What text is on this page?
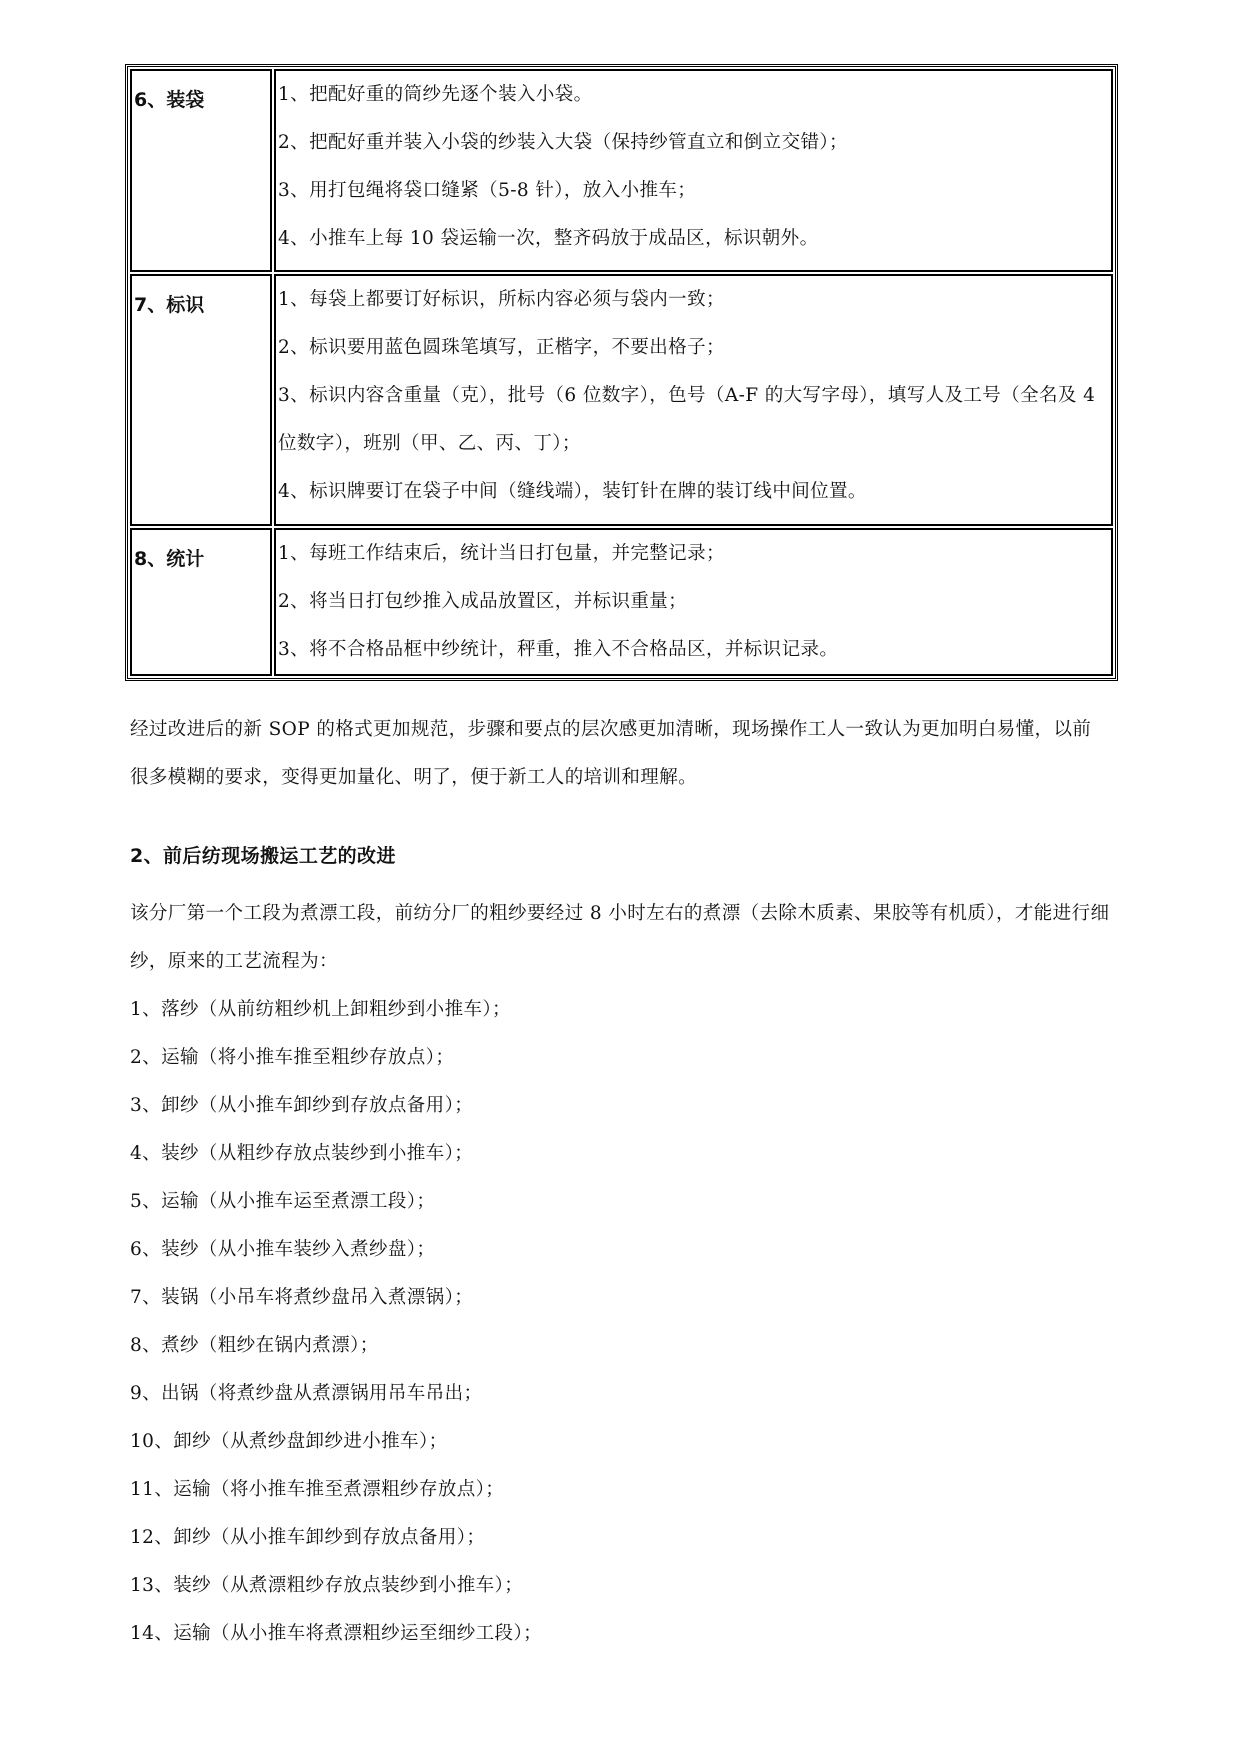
6、装袋	1、把配好重的筒纱先逐个装入小袋。
2、把配好重并装入小袋的纱装入大袋（保持纱管直立和倒立交错）；
3、用打包绳将袋口缝紧（5-8 针），放入小推车；
4、小推车上每 10 袋运输一次，整齐码放于成品区，标识朝外。

7、标识	1、每袋上都要订好标识，所标内容必须与袋内一致；
2、标识要用蓝色圆珠笔填写，正楷字，不要出格子；
3、标识内容含重量（克），批号（6 位数字），色号（A-F 的大写字母），填写人及工号（全名及 4 位数字），班别（甲、乙、丙、丁）；
4、标识牌要订在袋子中间（缝线端），装钉针在牌的装订线中间位置。

8、统计	1、每班工作结束后，统计当日打包量，并完整记录；
2、将当日打包纱推入成品放置区，并标识重量；
3、将不合格品框中纱统计，秤重，推入不合格品区，并标识记录。

经过改进后的新 SOP 的格式更加规范，步骤和要点的层次感更加清晰，现场操作工人一致认为更加明白易懂，以前很多模糊的要求，变得更加量化、明了，便于新工人的培训和理解。

2、前后纺现场搬运工艺的改进

该分厂第一个工段为煮漂工段，前纺分厂的粗纱要经过 8 小时左右的煮漂（去除木质素、果胶等有机质），才能进行细纱，原来的工艺流程为：

1、落纱（从前纺粗纱机上卸粗纱到小推车）；
2、运输（将小推车推至粗纱存放点）；
3、卸纱（从小推车卸纱到存放点备用）；
4、装纱（从粗纱存放点装纱到小推车）；
5、运输（从小推车运至煮漂工段）；
6、装纱（从小推车装纱入煮纱盘）；
7、装锅（小吊车将煮纱盘吊入煮漂锅）；
8、煮纱（粗纱在锅内煮漂）；
9、出锅（将煮纱盘从煮漂锅用吊车吊出；
10、卸纱（从煮纱盘卸纱进小推车）；
11、运输（将小推车推至煮漂粗纱存放点）；
12、卸纱（从小推车卸纱到存放点备用）；
13、装纱（从煮漂粗纱存放点装纱到小推车）；
14、运输（从小推车将煮漂粗纱运至细纱工段）；
